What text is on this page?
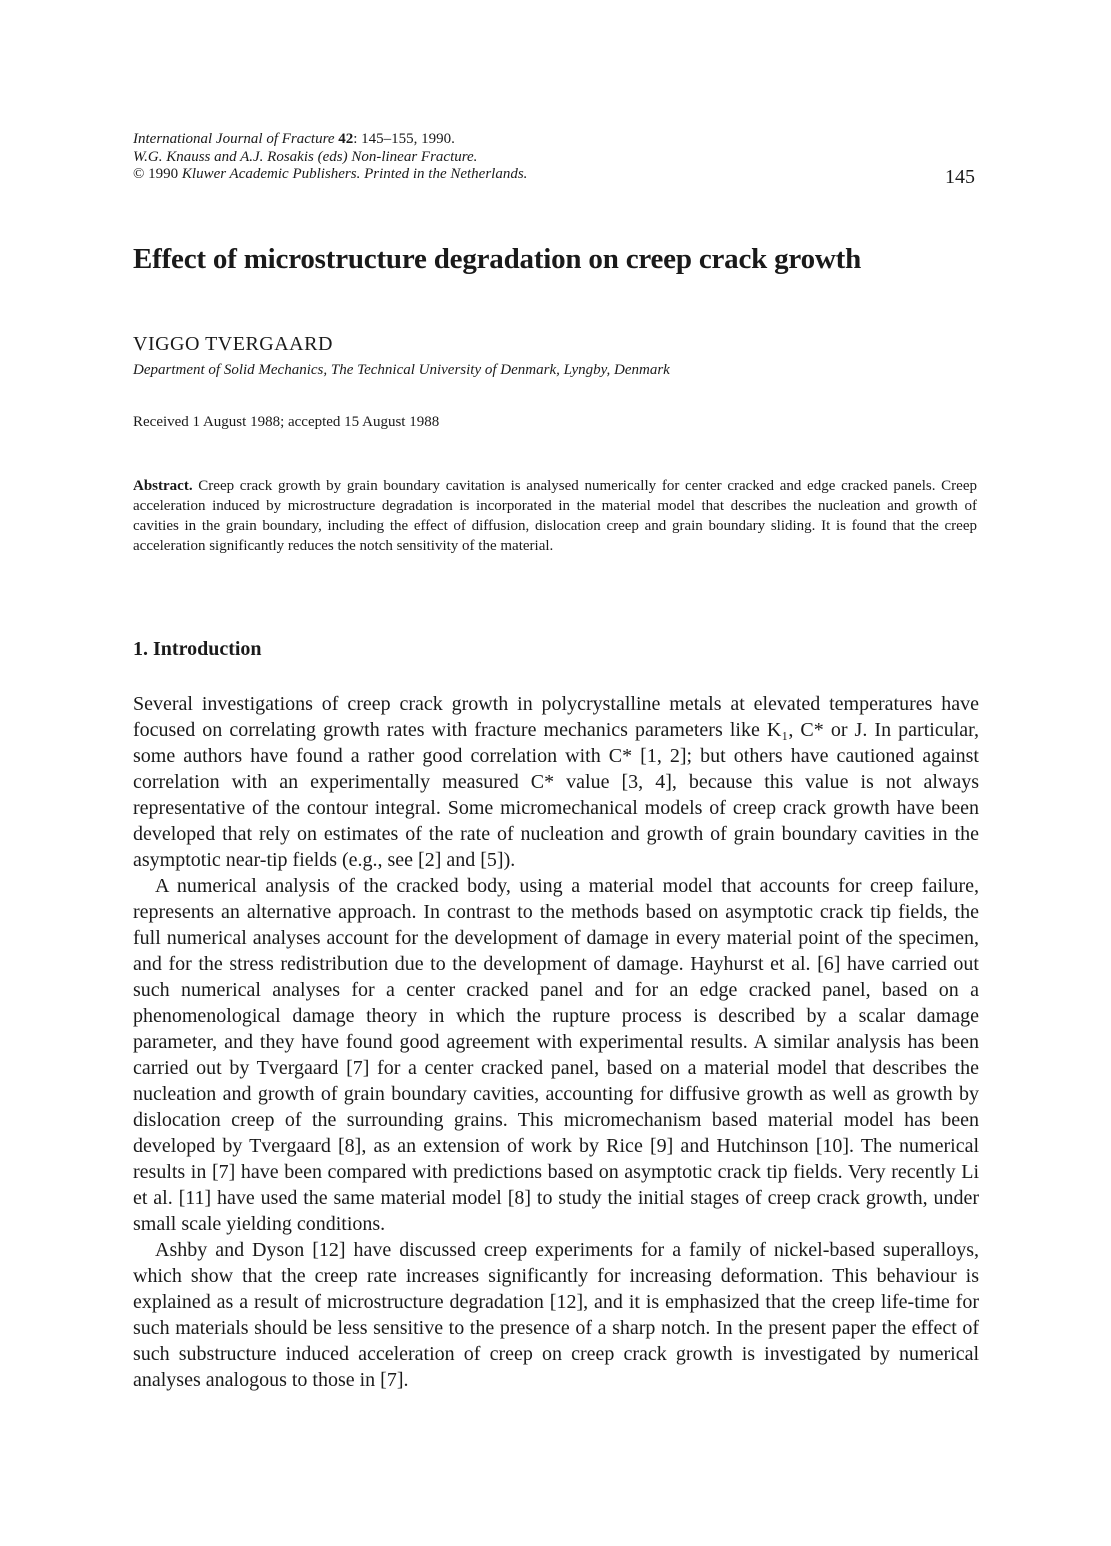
International Journal of Fracture 42: 145–155, 1990.
W.G. Knauss and A.J. Rosakis (eds) Non-linear Fracture.
© 1990 Kluwer Academic Publishers. Printed in the Netherlands.	145
Effect of microstructure degradation on creep crack growth
VIGGO TVERGAARD
Department of Solid Mechanics, The Technical University of Denmark, Lyngby, Denmark
Received 1 August 1988; accepted 15 August 1988

Abstract. Creep crack growth by grain boundary cavitation is analysed numerically for center cracked and edge cracked panels. Creep acceleration induced by microstructure degradation is incorporated in the material model that describes the nucleation and growth of cavities in the grain boundary, including the effect of diffusion, dislocation creep and grain boundary sliding. It is found that the creep acceleration significantly reduces the notch sensitivity of the material.

1. Introduction

Several investigations of creep crack growth in polycrystalline metals at elevated temperatures have focused on correlating growth rates with fracture mechanics parameters like K₁, C* or J. In particular, some authors have found a rather good correlation with C* [1, 2]; but others have cautioned against correlation with an experimentally measured C* value [3, 4], because this value is not always representative of the contour integral. Some micromechanical models of creep crack growth have been developed that rely on estimates of the rate of nucleation and growth of grain boundary cavities in the asymptotic near-tip fields (e.g., see [2] and [5]).

A numerical analysis of the cracked body, using a material model that accounts for creep failure, represents an alternative approach. In contrast to the methods based on asymptotic crack tip fields, the full numerical analyses account for the development of damage in every material point of the specimen, and for the stress redistribution due to the development of damage. Hayhurst et al. [6] have carried out such numerical analyses for a center cracked panel and for an edge cracked panel, based on a phenomenological damage theory in which the rupture process is described by a scalar damage parameter, and they have found good agreement with experimental results. A similar analysis has been carried out by Tvergaard [7] for a center cracked panel, based on a material model that describes the nucleation and growth of grain boundary cavities, accounting for diffusive growth as well as growth by dislocation creep of the surrounding grains. This micromechanism based material model has been developed by Tvergaard [8], as an extension of work by Rice [9] and Hutchinson [10]. The numerical results in [7] have been compared with predictions based on asymptotic crack tip fields. Very recently Li et al. [11] have used the same material model [8] to study the initial stages of creep crack growth, under small scale yielding conditions.

Ashby and Dyson [12] have discussed creep experiments for a family of nickel-based superalloys, which show that the creep rate increases significantly for increasing deformation. This behaviour is explained as a result of microstructure degradation [12], and it is emphasized that the creep life-time for such materials should be less sensitive to the presence of a sharp notch. In the present paper the effect of such substructure induced acceleration of creep on creep crack growth is investigated by numerical analyses analogous to those in [7].
